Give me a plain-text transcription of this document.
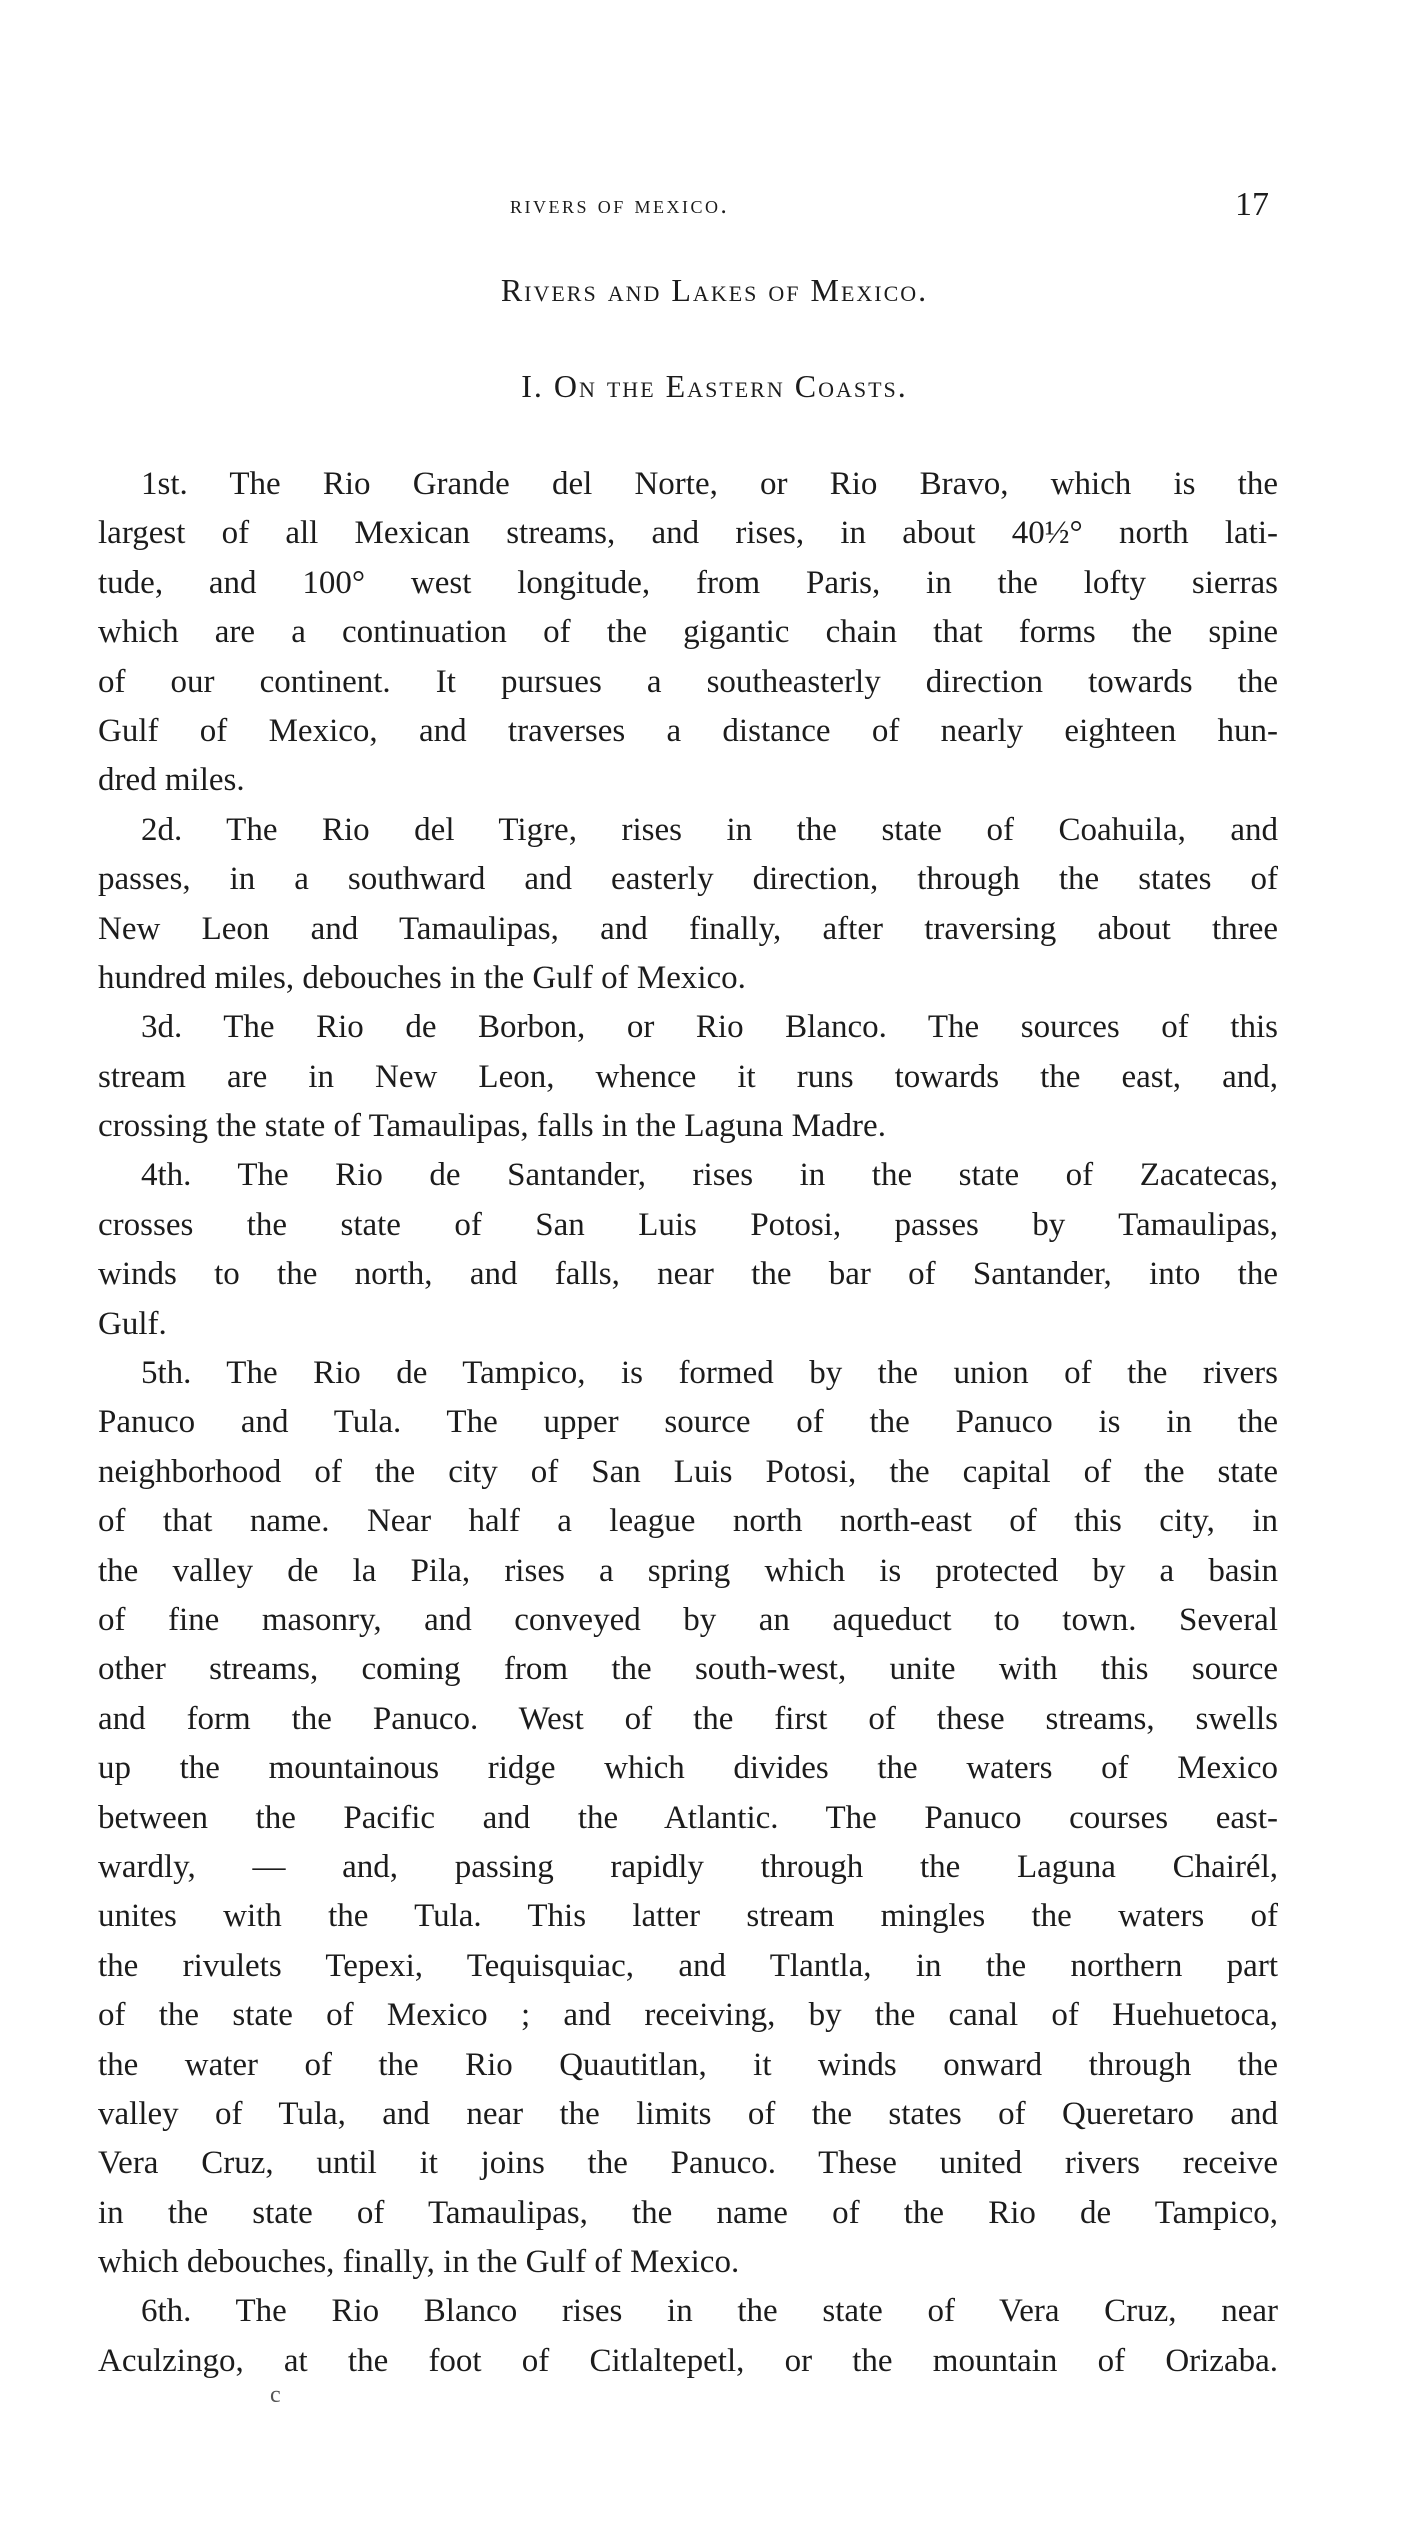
rivers of mexico.	17
Rivers and Lakes of Mexico.
I. On the Eastern Coasts.
1st. The Rio Grande del Norte, or Rio Bravo, which is the
largest of all Mexican streams, and rises, in about 40½° north lati-
tude, and 100° west longitude, from Paris, in the lofty sierras
which are a continuation of the gigantic chain that forms the spine
of our continent. It pursues a southeasterly direction towards the
Gulf of Mexico, and traverses a distance of nearly eighteen hun-
dred miles.
2d. The Rio del Tigre, rises in the state of Coahuila, and
passes, in a southward and easterly direction, through the states of
New Leon and Tamaulipas, and finally, after traversing about three
hundred miles, debouches in the Gulf of Mexico.
3d. The Rio de Borbon, or Rio Blanco. The sources of this
stream are in New Leon, whence it runs towards the east, and,
crossing the state of Tamaulipas, falls in the Laguna Madre.
4th. The Rio de Santander, rises in the state of Zacatecas,
crosses the state of San Luis Potosi, passes by Tamaulipas,
winds to the north, and falls, near the bar of Santander, into the
Gulf.
5th. The Rio de Tampico, is formed by the union of the rivers
Panuco and Tula. The upper source of the Panuco is in the
neighborhood of the city of San Luis Potosi, the capital of the state
of that name. Near half a league north north-east of this city, in
the valley de la Pila, rises a spring which is protected by a basin
of fine masonry, and conveyed by an aqueduct to town. Several
other streams, coming from the south-west, unite with this source
and form the Panuco. West of the first of these streams, swells
up the mountainous ridge which divides the waters of Mexico
between the Pacific and the Atlantic. The Panuco courses east-
wardly, — and, passing rapidly through the Laguna Chairél,
unites with the Tula. This latter stream mingles the waters of
the rivulets Tepexi, Tequisquiac, and Tlantla, in the northern part
of the state of Mexico ; and receiving, by the canal of Huehuetoca,
the water of the Rio Quautitlan, it winds onward through the
valley of Tula, and near the limits of the states of Queretaro and
Vera Cruz, until it joins the Panuco. These united rivers receive
in the state of Tamaulipas, the name of the Rio de Tampico,
which debouches, finally, in the Gulf of Mexico.
6th. The Rio Blanco rises in the state of Vera Cruz, near
Aculzingo, at the foot of Citlaltepetl, or the mountain of Orizaba.
c
